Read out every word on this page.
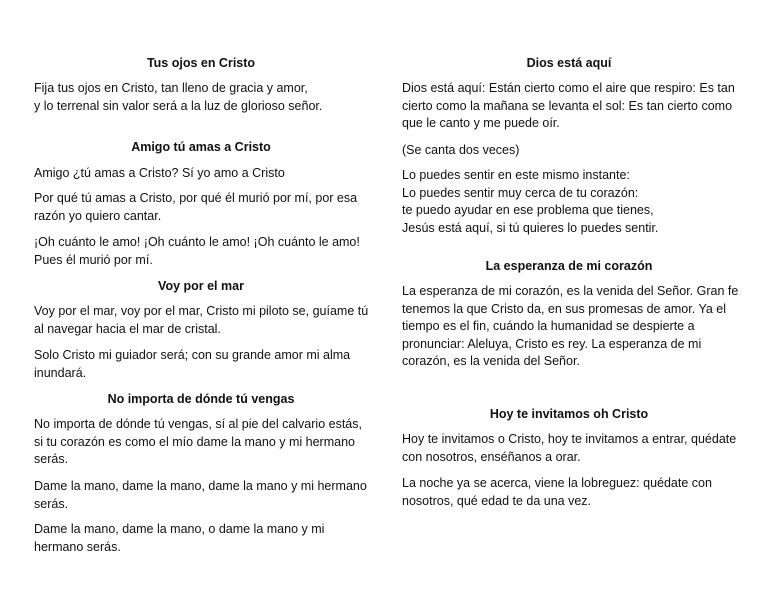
Tus ojos en Cristo
Fija tus ojos en Cristo, tan lleno de gracia y amor,
y lo terrenal sin valor será a la luz de glorioso señor.
Amigo tú amas a Cristo
Amigo ¿tú amas a Cristo? Sí yo amo a Cristo
Por qué tú amas a Cristo, por qué él murió por mí, por esa
razón yo quiero cantar.
¡Oh cuánto le amo! ¡Oh cuánto le amo! ¡Oh cuánto le amo!
Pues él murió por mí.
Voy por el mar
Voy por el mar, voy por el mar, Cristo mi piloto se, guíame tú
al navegar hacia el mar de cristal.
Solo Cristo mi guiador será; con su grande amor mi alma
inundará.
No importa de dónde tú vengas
No importa de dónde tú vengas, sí al pie del calvario estás,
si tu corazón es como el mío dame la mano y mi hermano
serás.
Dame la mano, dame la mano, dame la mano y mi hermano
serás.
Dame la mano, dame la mano, o dame la mano y mi
hermano serás.
Dios está aquí
Dios está aquí: Están cierto como el aire que respiro: Es tan
cierto como la mañana se levanta el sol: Es tan cierto como
que le canto y me puede oír.
(Se canta dos veces)
Lo puedes sentir en este mismo instante:
Lo puedes sentir muy cerca de tu corazón:
te puedo ayudar en ese problema que tienes,
Jesús está aquí, si tú quieres lo puedes sentir.
La esperanza de mi corazón
La esperanza de mi corazón, es la venida del Señor. Gran fe
tenemos la que Cristo da, en sus promesas de amor. Ya el
tiempo es el fin, cuándo la humanidad se despierte a
pronunciar: Aleluya, Cristo es rey. La esperanza de mi
corazón, es la venida del Señor.
Hoy te invitamos oh Cristo
Hoy te invitamos o Cristo, hoy te invitamos a entrar, quédate
con nosotros, enséñanos a orar.
La noche ya se acerca, viene la lobreguez: quédate con
nosotros, qué edad te da una vez.
